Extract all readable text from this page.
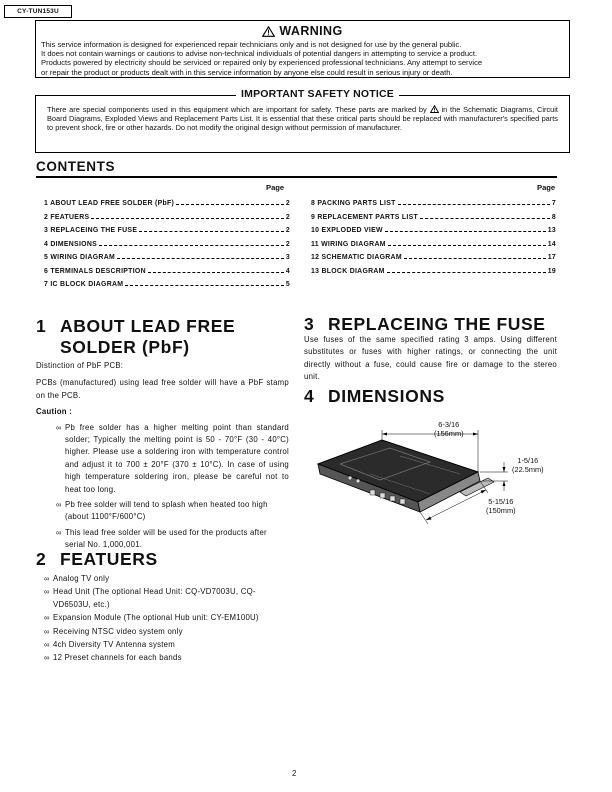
CY-TUN153U
WARNING
This service information is designed for experienced repair technicians only and is not designed for use by the general public.
It does not contain warnings or cautions to advise non-technical individuals of potential dangers in attempting to service a product.
Products powered by electricity should be serviced or repaired only by experienced professional technicians. Any attempt to service
or repair the product or products dealt with in this service information by anyone else could result in serious injury or death.
IMPORTANT SAFETY NOTICE
There are special components used in this equipment which are important for safety. These parts are marked by in the Schematic Diagrams, Circuit Board Diagrams, Exploded Views and Replacement Parts List. It is essential that these critical parts should be replaced with manufacturer's specified parts to prevent shock, fire or other hazards. Do not modify the original design without permission of manufacturer.
CONTENTS
Page	Page
1 ABOUT LEAD FREE SOLDER (PbF)	2
2 FEATUERS	2
3 REPLACEING THE FUSE	2
4 DIMENSIONS	2
5 WIRING DIAGRAM	3
6 TERMINALS DESCRIPTION	4
7 IC BLOCK DIAGRAM	5
8 PACKING PARTS LIST	7
9 REPLACEMENT PARTS LIST	8
10 EXPLODED VIEW	13
11 WIRING DIAGRAM	14
12 SCHEMATIC DIAGRAM	17
13 BLOCK DIAGRAM	19
1 ABOUT LEAD FREE
SOLDER (PbF)
Distinction of PbF PCB:
PCBs (manufactured) using lead free solder will have a PbF stamp on the PCB.
Caution :
∞ Pb free solder has a higher melting point than standard solder; Typically the melting point is 50 - 70°F (30 - 40°C) higher. Please use a soldering iron with temperature control and adjust it to 700 ± 20°F (370 ± 10°C). In case of using high temperature soldering iron, please be careful not to heat too long.
∞ Pb free solder will tend to splash when heated too high (about 1100°F/600°C)
∞ This lead free solder will be used for the products after serial No. 1,000,001.
2 FEATUERS
∞ Analog TV only
∞ Head Unit (The optional Head Unit: CQ-VD7003U, CQ-VD6503U, etc.)
∞ Expansion Module (The optional Hub unit: CY-EM100U)
∞ Receiving NTSC video system only
∞ 4ch Diversity TV Antenna system
∞ 12 Preset channels for each bands
3 REPLACEING THE FUSE
Use fuses of the same specified rating 3 amps. Using different substitutes or fuses with higher ratings, or connecting the unit directly without a fuse, could cause fire or damage to the stereo unit.
4 DIMENSIONS
6-3/16
(156mm)
1-5/16
(22.5mm)
5-15/16
(150mm)
2
